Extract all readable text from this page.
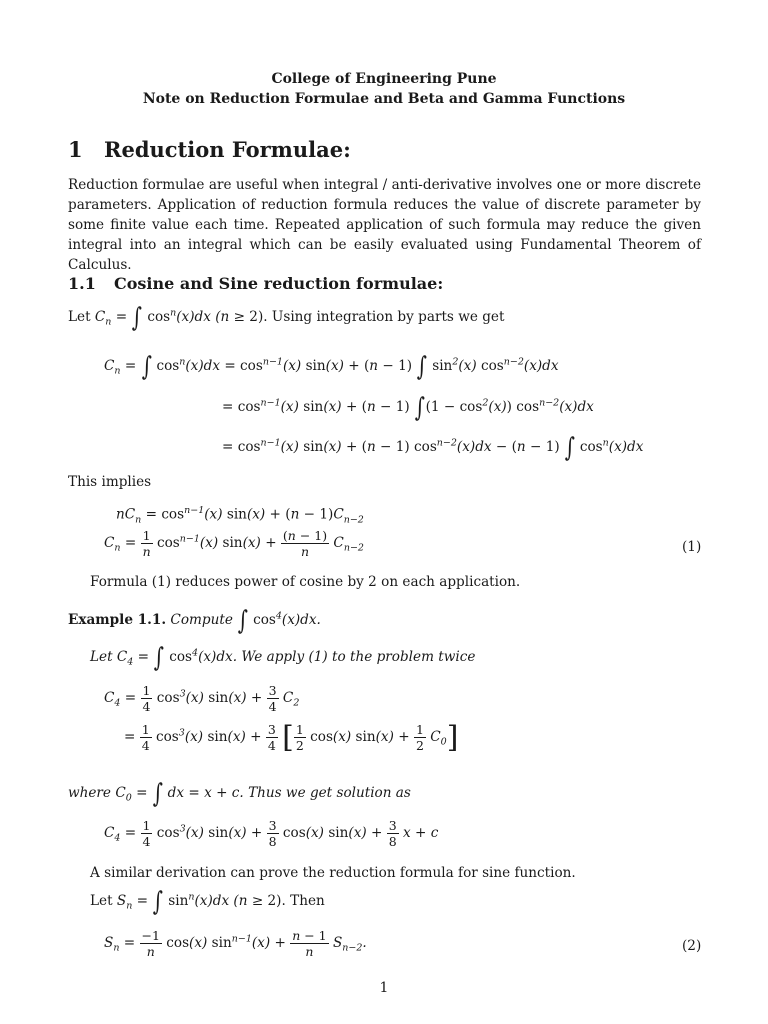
College of Engineering Pune
Note on Reduction Formulae and Beta and Gamma Functions
1 Reduction Formulae:
Reduction formulae are useful when integral / anti-derivative involves one or more discrete parameters. Application of reduction formula reduces the value of discrete parameter by some finite value each time. Repeated application of such formula may reduce the given integral into an integral which can be easily evaluated using Fundamental Theorem of Calculus.
1.1 Cosine and Sine reduction formulae:
Let $C_n$ = ∫ $\cos^n(x)dx$ (n ≥ 2). Using integration by parts we get
$C_n$ = ∫ $\cos^n(x)dx = \cos^{n-1}(x) \sin(x) + (n - 1)$ ∫ $\sin^2(x)$ $\cos^{n-2}(x)dx$
= $\cos^{n-1}(x) \sin(x) + (n - 1) \int(1 - \cos^2(x))$ $\cos^{n-2}(x)dx$
= $\cos^{n-1}(x) \sin(x) + (n - 1) \cos^{n-2}(x)dx - (n - 1)$ ∫ $\cos^n(x)dx$
This implies
$nC_n = \cos^{n-1}(x) \sin(x) + (n - 1)C_{n-2}$
$C_n = \frac{1}{n} \cos^{n-1}(x) \sin(x) + \frac{(n - 1)}{n} C_{n-2}$	(1)
Formula (1) reduces power of cosine by 2 on each application.
Example 1.1. Compute ∫ $\cos^4(x)dx$.
Let $C_4$ = ∫ $\cos^4(x)dx$. We apply (1) to the problem twice
$C_4 = \frac{1}{4} \cos^3(x) \sin(x) + \frac{3}{4} C_2$
= $\frac{1}{4} \cos^3(x) \sin(x) + \frac{3}{4}$ [ $\frac{1}{2} \cos(x) \sin(x) + \frac{1}{2} C_0$]
where $C_0$ = ∫ dx = x + c. Thus we get solution as
$C_4 = \frac{1}{4} \cos^3(x) \sin(x) + \frac{3}{8} \cos(x) \sin(x) + \frac{3}{8}$ x + c
A similar derivation can prove the reduction formula for sine function.
Let $S_n$ = ∫ $\sin^n(x)dx$ (n ≥ 2). Then
$S_n = \frac{-1}{n} \cos(x) \sin^{n-1}(x) + \frac{n - 1}{n} S_{n-2}$.	(2)
1
